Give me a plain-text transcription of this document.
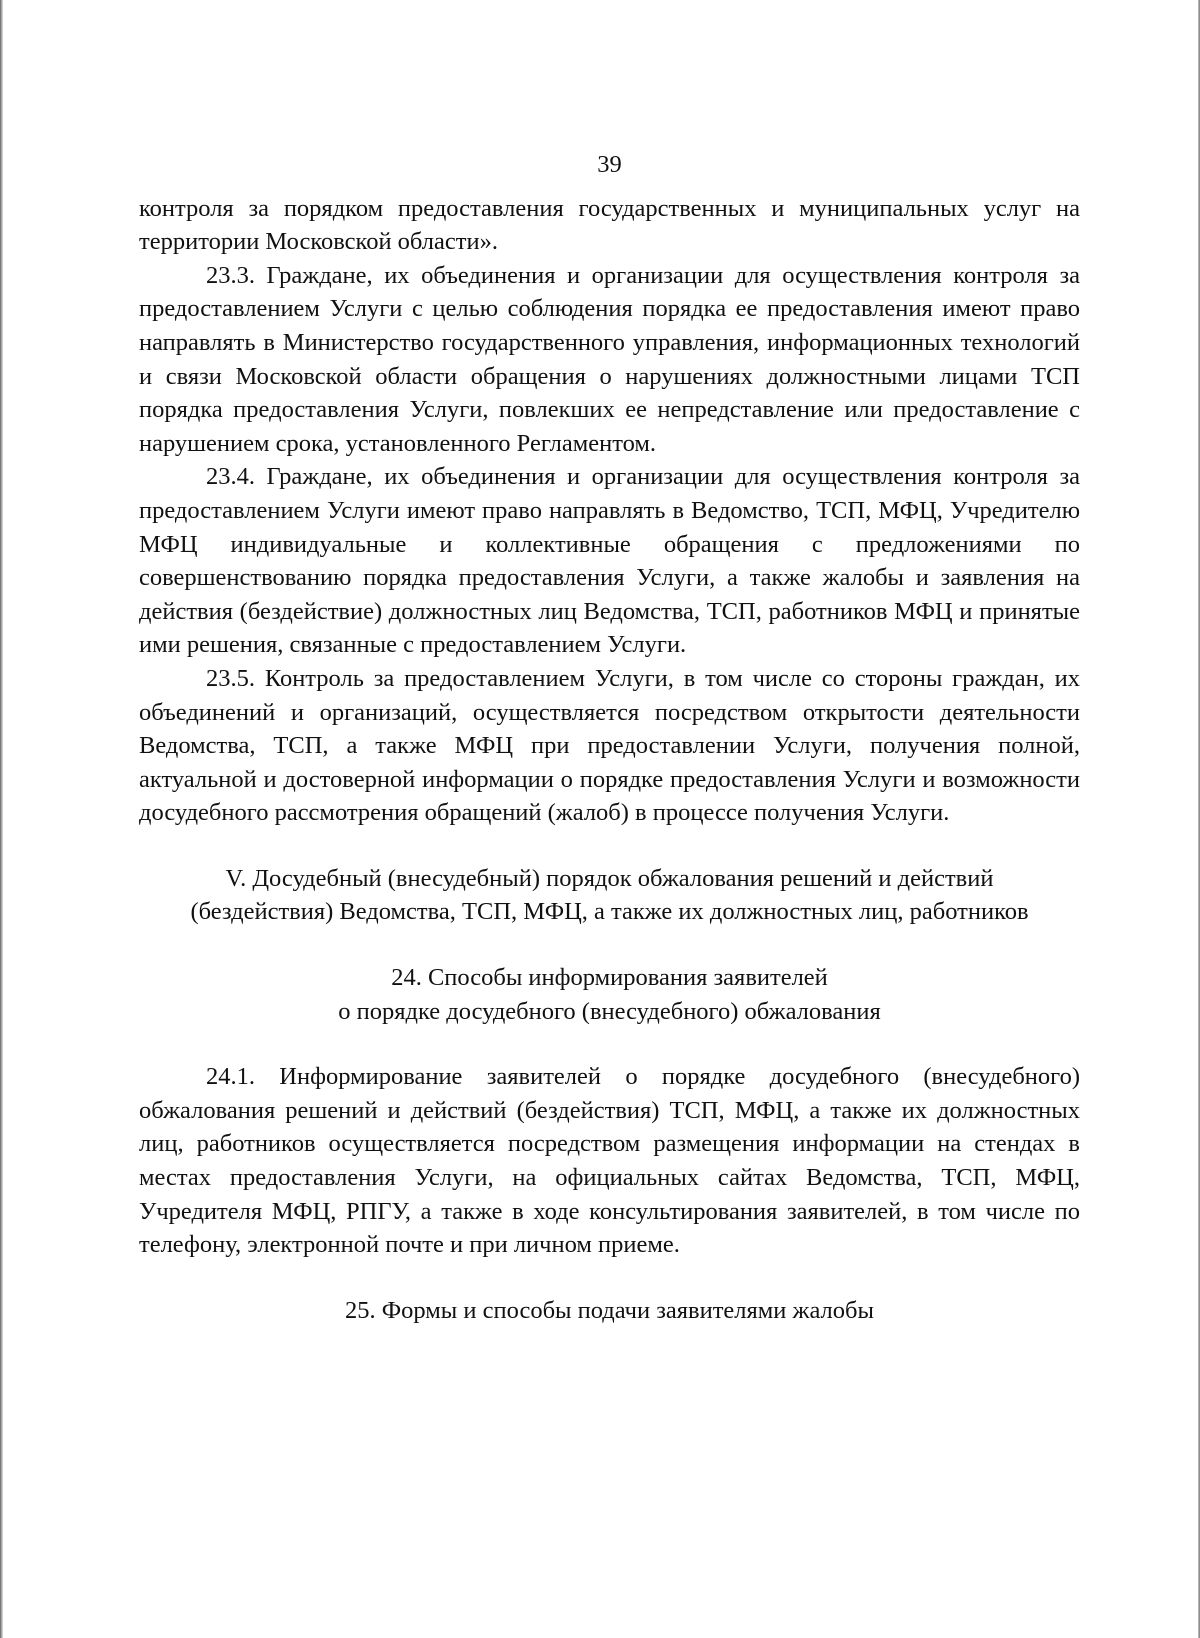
39

контроля за порядком предоставления государственных и муниципальных услуг на территории Московской области».

23.3. Граждане, их объединения и организации для осуществления контроля за предоставлением Услуги с целью соблюдения порядка ее предоставления имеют право направлять в Министерство государственного управления, информационных технологий и связи Московской области обращения о нарушениях должностными лицами ТСП порядка предоставления Услуги, повлекших ее непредставление или предоставление с нарушением срока, установленного Регламентом.

23.4. Граждане, их объединения и организации для осуществления контроля за предоставлением Услуги имеют право направлять в Ведомство, ТСП, МФЦ, Учредителю МФЦ индивидуальные и коллективные обращения с предложениями по совершенствованию порядка предоставления Услуги, а также жалобы и заявления на действия (бездействие) должностных лиц Ведомства, ТСП, работников МФЦ и принятые ими решения, связанные с предоставлением Услуги.

23.5. Контроль за предоставлением Услуги, в том числе со стороны граждан, их объединений и организаций, осуществляется посредством открытости деятельности Ведомства, ТСП, а также МФЦ при предоставлении Услуги, получения полной, актуальной и достоверной информации о порядке предоставления Услуги и возможности досудебного рассмотрения обращений (жалоб) в процессе получения Услуги.

V. Досудебный (внесудебный) порядок обжалования решений и действий
(бездействия) Ведомства, ТСП, МФЦ, а также их должностных лиц, работников
24. Способы информирования заявителей
о порядке досудебного (внесудебного) обжалования

24.1. Информирование заявителей о порядке досудебного (внесудебного) обжалования решений и действий (бездействия) ТСП, МФЦ, а также их должностных лиц, работников осуществляется посредством размещения информации на стендах в местах предоставления Услуги, на официальных сайтах Ведомства, ТСП, МФЦ, Учредителя МФЦ, РПГУ, а также в ходе консультирования заявителей, в том числе по телефону, электронной почте и при личном приеме.

25. Формы и способы подачи заявителями жалобы
